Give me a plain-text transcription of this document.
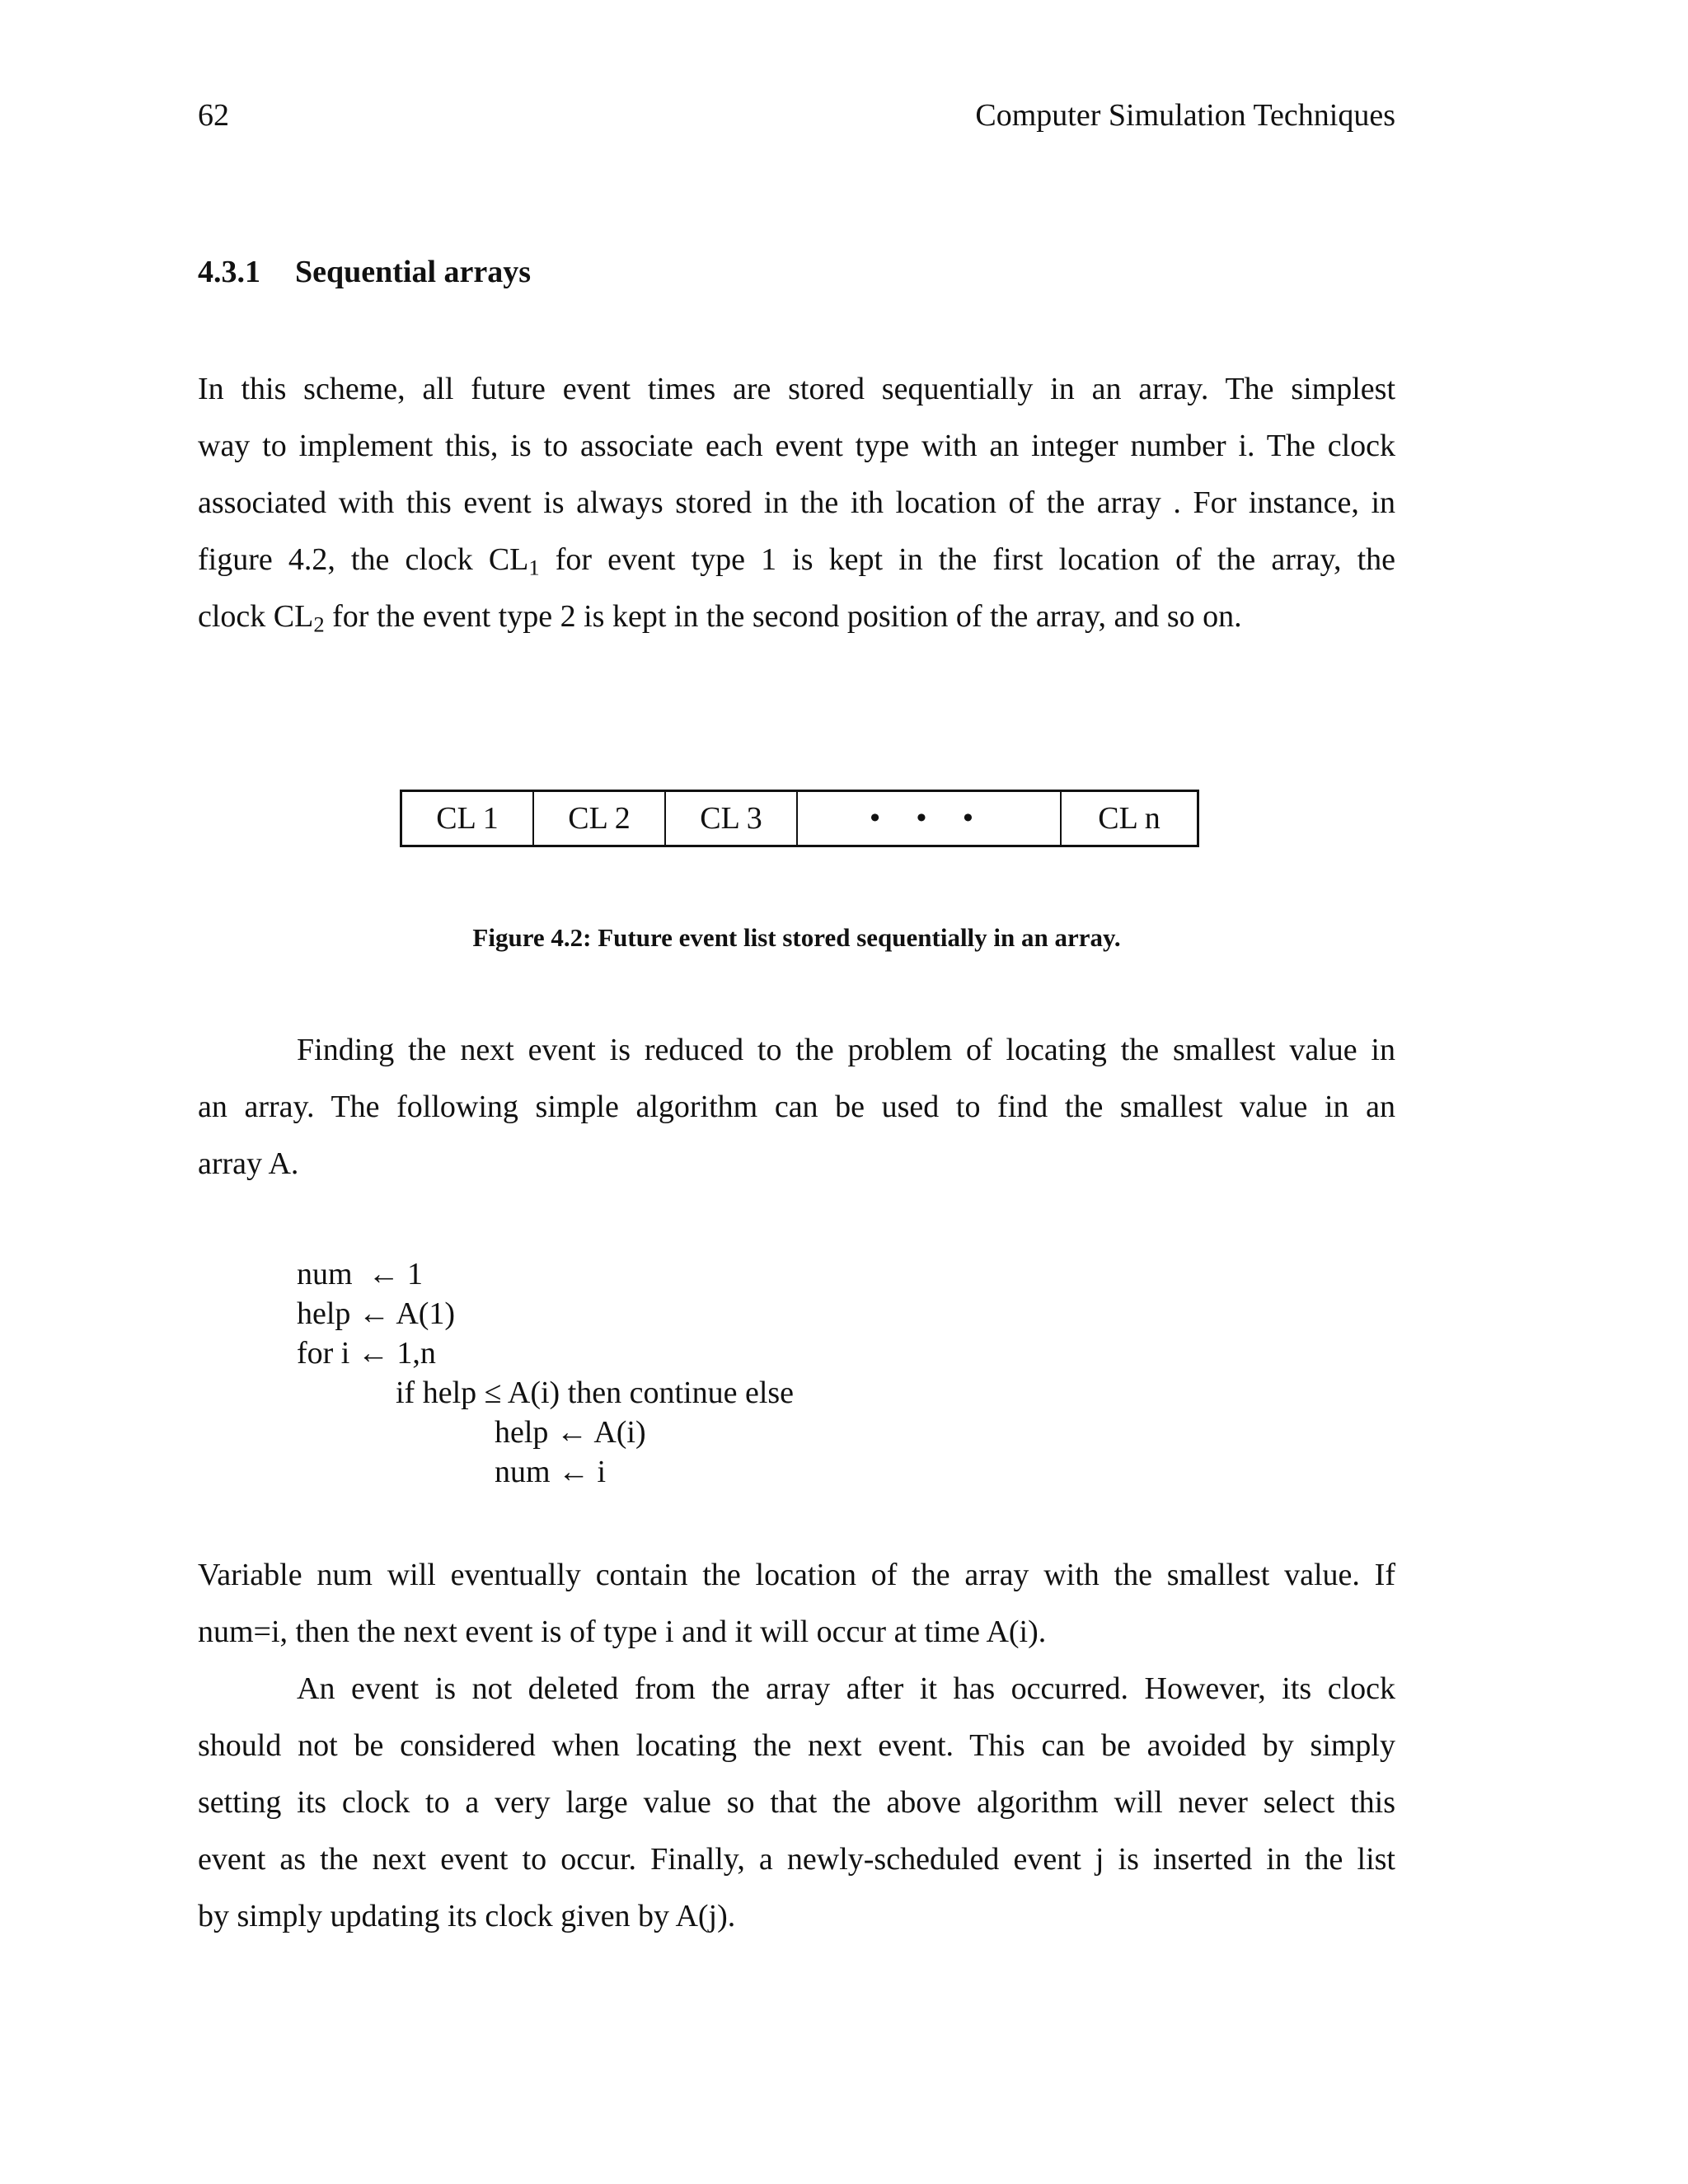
62	Computer Simulation Techniques
4.3.1 Sequential arrays
In this scheme, all future event times are stored sequentially in an array. The simplest
way to implement this, is to associate each event type with an integer number i. The clock
associated with this event is always stored in the ith location of the array . For instance, in
figure 4.2, the clock $CL_1$ for event type 1 is kept in the first location of the array, the
clock $CL_2$ for the event type 2 is kept in the second position of the array, and so on.
CL 1 CL 2 CL 3	• • •	CL n
Figure 4.2: Future event list stored sequentially in an array.
Finding the next event is reduced to the problem of locating the smallest value in
an array. The following simple algorithm can be used to find the smallest value in an
array A.
num  ← 1
help ← A(1)
for i ← 1,n
if help ≤ A(i) then continue else
help ← A(i)
num ← i
Variable num will eventually contain the location of the array with the smallest value. If
num=i, then the next event is of type i and it will occur at time A(i).
An event is not deleted from the array after it has occurred. However, its clock
should not be considered when locating the next event. This can be avoided by simply
setting its clock to a very large value so that the above algorithm will never select this
event as the next event to occur. Finally, a newly-scheduled event j is inserted in the list
by simply updating its clock given by A(j).
